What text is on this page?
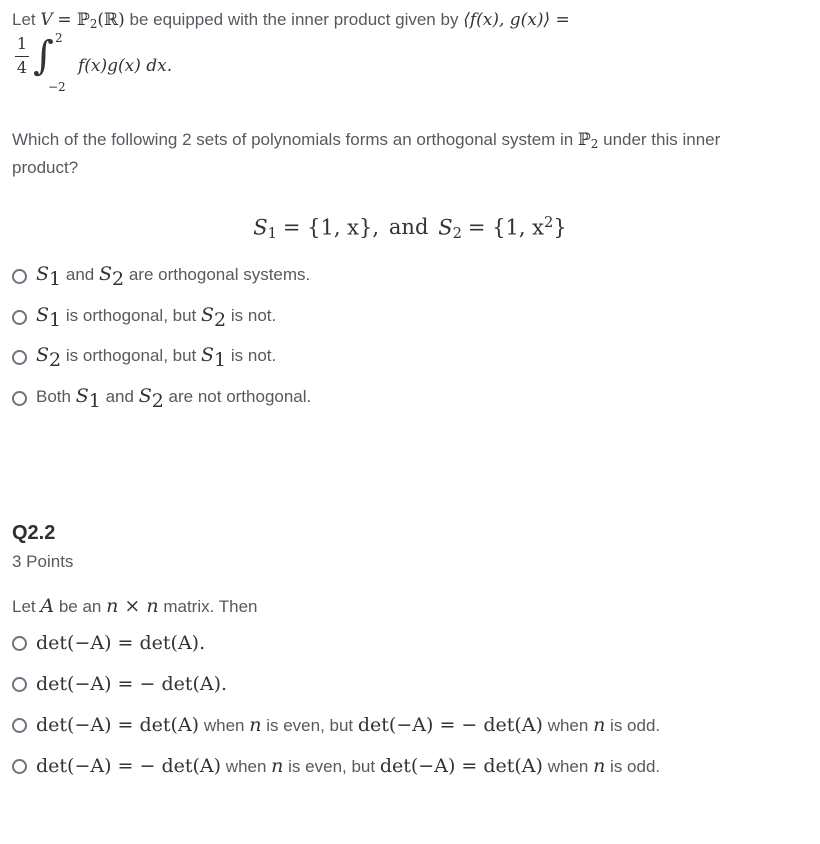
Let V = ℙ$_2$(ℝ) be equipped with the inner product given by ⟨f(x), g(x)⟩ =
1
4 ∫ 2
−2
f(x)g(x) dx.
Which of the following 2 sets of polynomials forms an orthogonal system in ℙ$_2$ under this inner
product?
$S_1 = \{1$, x}, and $S_2 = \{1$, $x^2$}
$S_1$ and $S_2$ are orthogonal systems.
$S_1$ is orthogonal, but $S_2$ is not.
$S_2$ is orthogonal, but $S_1$ is not.
Both $S_1$ and $S_2$ are not orthogonal.
Q2.2
3 Points
Let A be an n × n matrix. Then
det(−A) = det(A).
det(−A) = − det(A).
det(−A) = det(A) when n is even, but det(−A) = − det(A) when n is odd.
det(−A) = − det(A) when n is even, but det(−A) = det(A) when n is odd.
